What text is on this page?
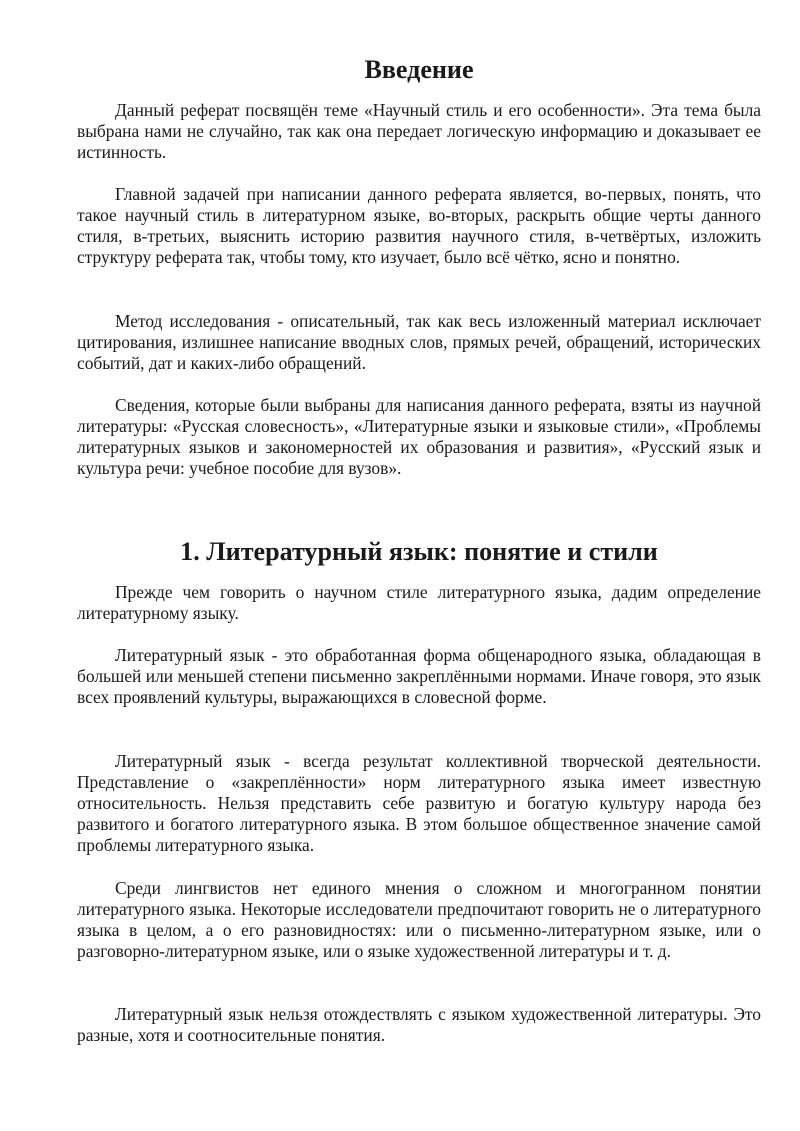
Введение

Данный реферат посвящён теме «Научный стиль и его особенности». Эта тема была выбрана нами не случайно, так как она передает логическую информацию и доказывает ее истинность.

Главной задачей при написании данного реферата является, во-первых, понять, что такое научный стиль в литературном языке, во-вторых, раскрыть общие черты данного стиля, в-третьих, выяснить историю развития научного стиля, в-четвёртых, изложить структуру реферата так, чтобы тому, кто изучает, было всё чётко, ясно и понятно.

Метод исследования - описательный, так как весь изложенный материал исключает цитирования, излишнее написание вводных слов, прямых речей, обращений, исторических событий, дат и каких-либо обращений.

Сведения, которые были выбраны для написания данного реферата, взяты из научной литературы: «Русская словесность», «Литературные языки и языковые стили», «Проблемы литературных языков и закономерностей их образования и развития», «Русский язык и культура речи: учебное пособие для вузов».

1. Литературный язык: понятие и стили

Прежде чем говорить о научном стиле литературного языка, дадим определение литературному языку.

Литературный язык - это обработанная форма общенародного языка, обладающая в большей или меньшей степени письменно закреплёнными нормами. Иначе говоря, это язык всех проявлений культуры, выражающихся в словесной форме.

Литературный язык - всегда результат коллективной творческой деятельности. Представление о «закреплённости» норм литературного языка имеет известную относительность. Нельзя представить себе развитую и богатую культуру народа без развитого и богатого литературного языка. В этом большое общественное значение самой проблемы литературного языка.

Среди лингвистов нет единого мнения о сложном и многогранном понятии литературного языка. Некоторые исследователи предпочитают говорить не о литературного языка в целом, а о его разновидностях: или о письменно-литературном языке, или о разговорно-литературном языке, или о языке художественной литературы и т. д.

Литературный язык нельзя отождествлять с языком художественной литературы. Это разные, хотя и соотносительные понятия.
